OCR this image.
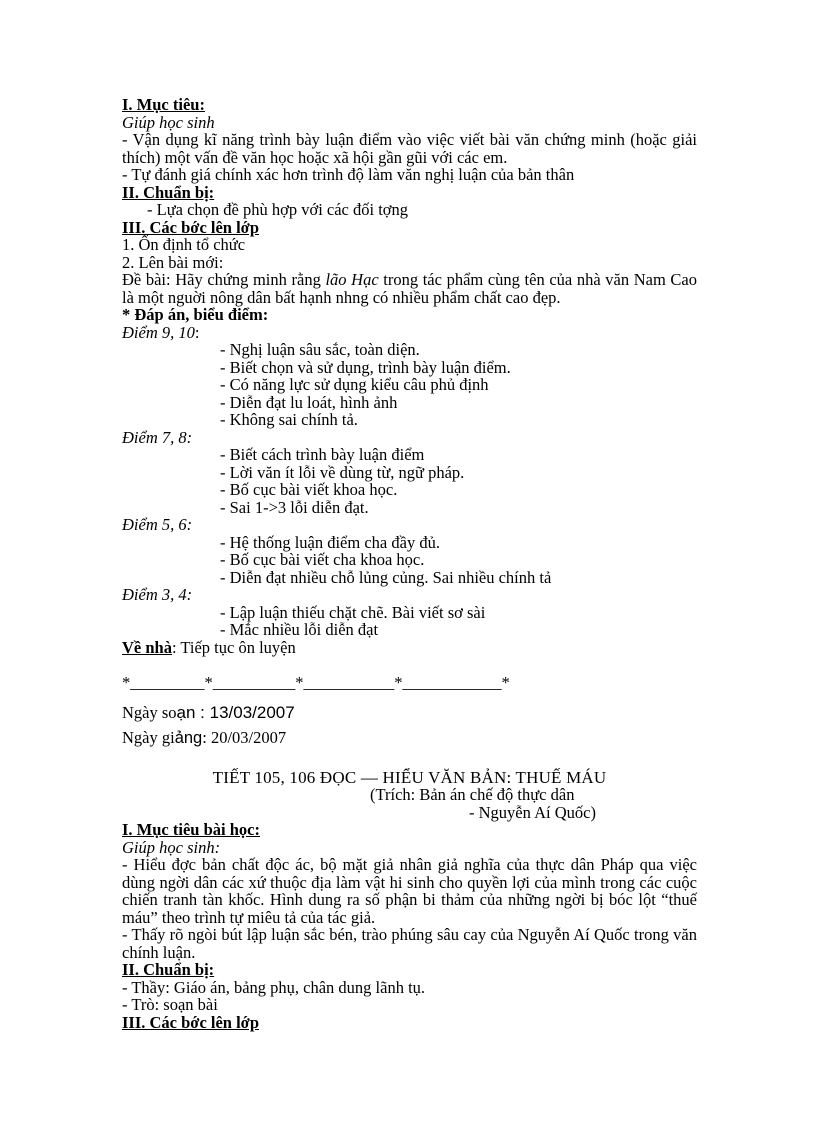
I. Mục tiêu:
Giúp học sinh
- Vận dụng kĩ năng trình bày luận điểm vào việc viết bài văn chứng minh (hoặc giải thích) một vấn đề văn học hoặc xã hội gần gũi với các em.
- Tự đánh giá chính xác hơn trình độ làm văn nghị luận của bản thân
II. Chuẩn bị:
- Lựa chọn đề phù hợp với các đối tợng
III. Các bớc lên lớp
1. Ổn định tổ chức
2. Lên bài mới:
Đề bài: Hãy chứng minh rằng lão Hạc trong tác phẩm cùng tên của nhà văn Nam Cao là một nguời nông dân bất hạnh nhng có nhiều phẩm chất cao đẹp.
* Đáp án, biểu điểm:
Điểm 9, 10:
- Nghị luận sâu sắc, toàn diện.
- Biết chọn và sử dụng, trình bày luận điểm.
- Có năng lực sử dụng kiểu câu phủ định
- Diễn đạt lu loát, hình ảnh
- Không sai chính tả.
Điểm 7, 8:
- Biết cách trình bày luận điểm
- Lời văn ít lỗi về dùng từ, ngữ pháp.
- Bố cục bài viết khoa học.
- Sai 1->3 lỗi diễn đạt.
Điểm 5, 6:
- Hệ thống luận điểm cha đầy đủ.
- Bố cục bài viết cha khoa học.
- Diễn đạt nhiều chỗ lủng củng. Sai nhiều chính tả
Điểm 3, 4:
- Lập luận thiếu chặt chẽ. Bài viết sơ sài
- Mắc nhiều lỗi diễn đạt
Về nhà: Tiếp tục ôn luyện
*_________*__________*___________*____________*
Ngày soạn : 13/03/2007
Ngày giảng: 20/03/2007
TIẾT 105, 106 ĐỌC — HIỂU VĂN BẢN: THUẾ MÁU
(Trích: Bản án chế độ thực dân
- Nguyễn Aí Quốc)
I. Mục tiêu bài học:
Giúp học sinh:
- Hiểu đợc bản chất độc ác, bộ mặt giả nhân giả nghĩa của thực dân Pháp qua việc dùng ngời dân các xứ thuộc địa làm vật hi sinh cho quyền lợi của mình trong các cuộc chiến tranh tàn khốc. Hình dung ra số phận bi thảm của những ngời bị bóc lột “thuế máu” theo trình tự miêu tả của tác giả.
- Thấy rõ ngòi bút lập luận sắc bén, trào phúng sâu cay của Nguyễn Aí Quốc trong văn chính luận.
II. Chuẩn bị:
- Thầy: Giáo án, bảng phụ, chân dung lãnh tụ.
- Trò: soạn bài
III. Các bớc lên lớp
